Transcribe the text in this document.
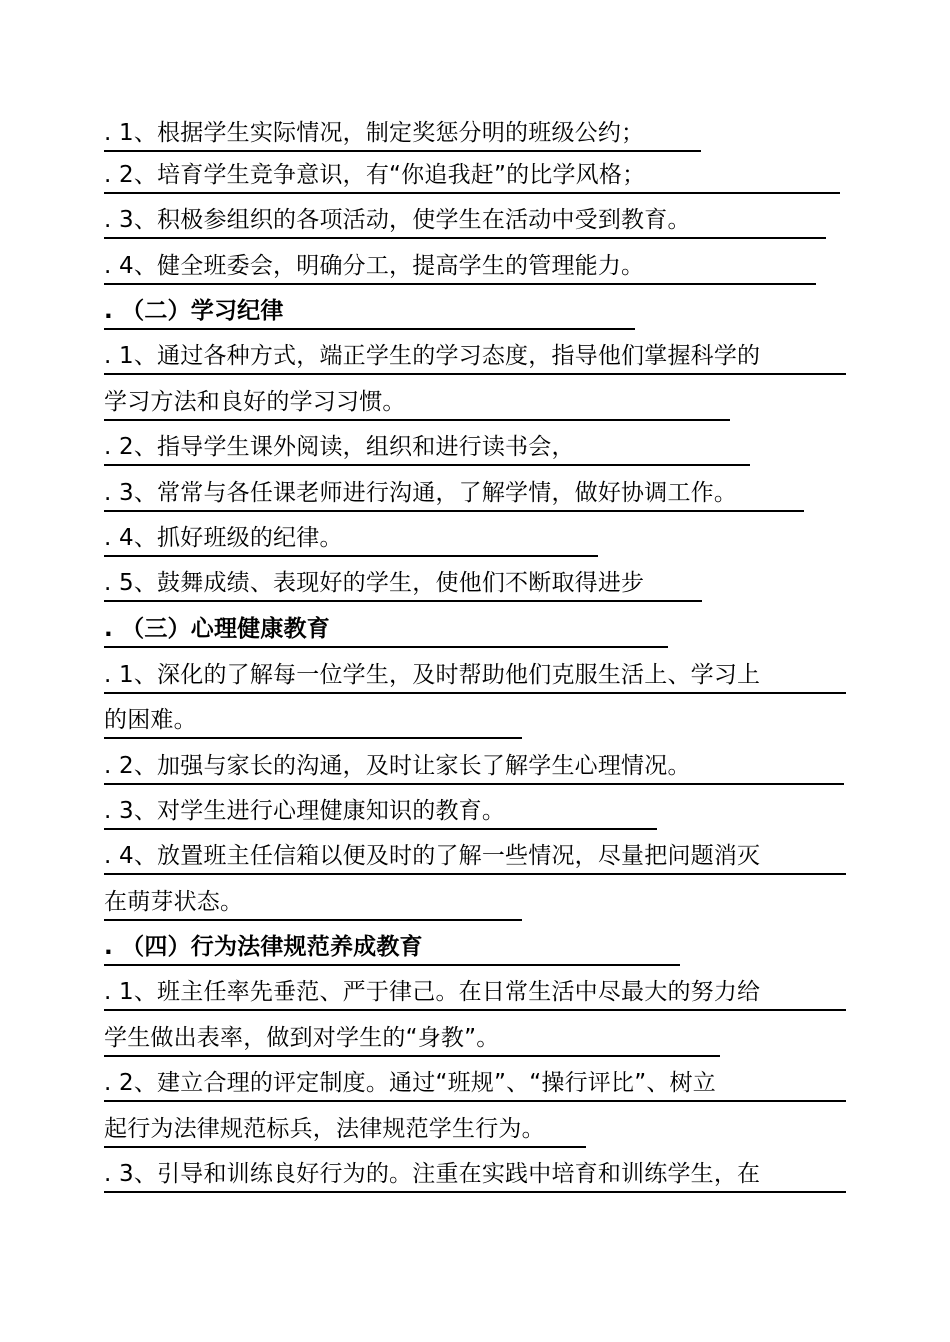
. 1、根据学生实际情况，制定奖惩分明的班级公约；
. 2、培育学生竞争意识，有“你追我赶”的比学风格；
. 3、积极参组织的各项活动，使学生在活动中受到教育。
. 4、健全班委会，明确分工，提高学生的管理能力。
. （二）学习纪律
. 1、通过各种方式，端正学生的学习态度，指导他们掌握科学的
学习方法和良好的学习习惯。
. 2、指导学生课外阅读，组织和进行读书会，
. 3、常常与各任课老师进行沟通，了解学情，做好协调工作。
. 4、抓好班级的纪律。
. 5、鼓舞成绩、表现好的学生，使他们不断取得进步
. （三）心理健康教育
. 1、深化的了解每一位学生，及时帮助他们克服生活上、学习上
的困难。
. 2、加强与家长的沟通，及时让家长了解学生心理情况。
. 3、对学生进行心理健康知识的教育。
. 4、放置班主任信箱以便及时的了解一些情况，尽量把问题消灭
在萌芽状态。
. （四）行为法律规范养成教育
. 1、班主任率先垂范、严于律己。在日常生活中尽最大的努力给
学生做出表率，做到对学生的“身教”。
. 2、建立合理的评定制度。通过“班规”、“操行评比”、树立
起行为法律规范标兵，法律规范学生行为。
. 3、引导和训练良好行为的。注重在实践中培育和训练学生，在
